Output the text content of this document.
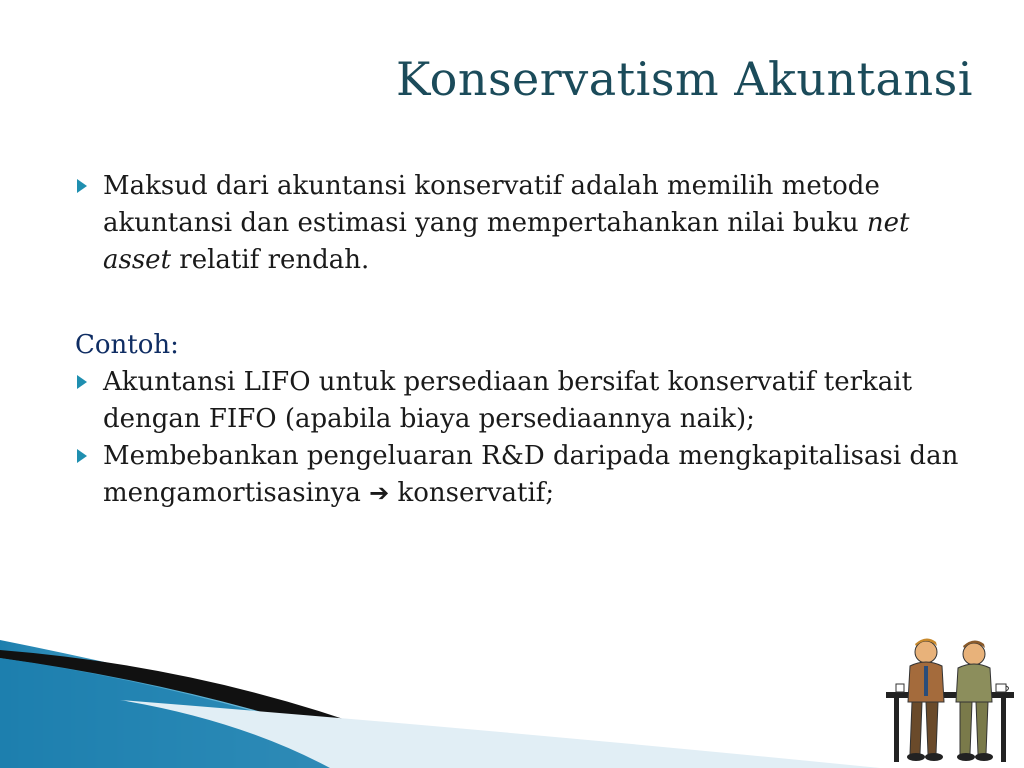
Konservatism Akuntansi
Maksud dari akuntansi konservatif adalah memilih metode akuntansi dan estimasi yang mempertahankan nilai buku net asset relatif rendah.
Contoh:
Akuntansi LIFO untuk persediaan bersifat konservatif terkait dengan FIFO (apabila biaya persediaannya naik);
Membebankan pengeluaran R&D daripada mengkapitalisasi dan mengamortisasinya ➔ konservatif;
